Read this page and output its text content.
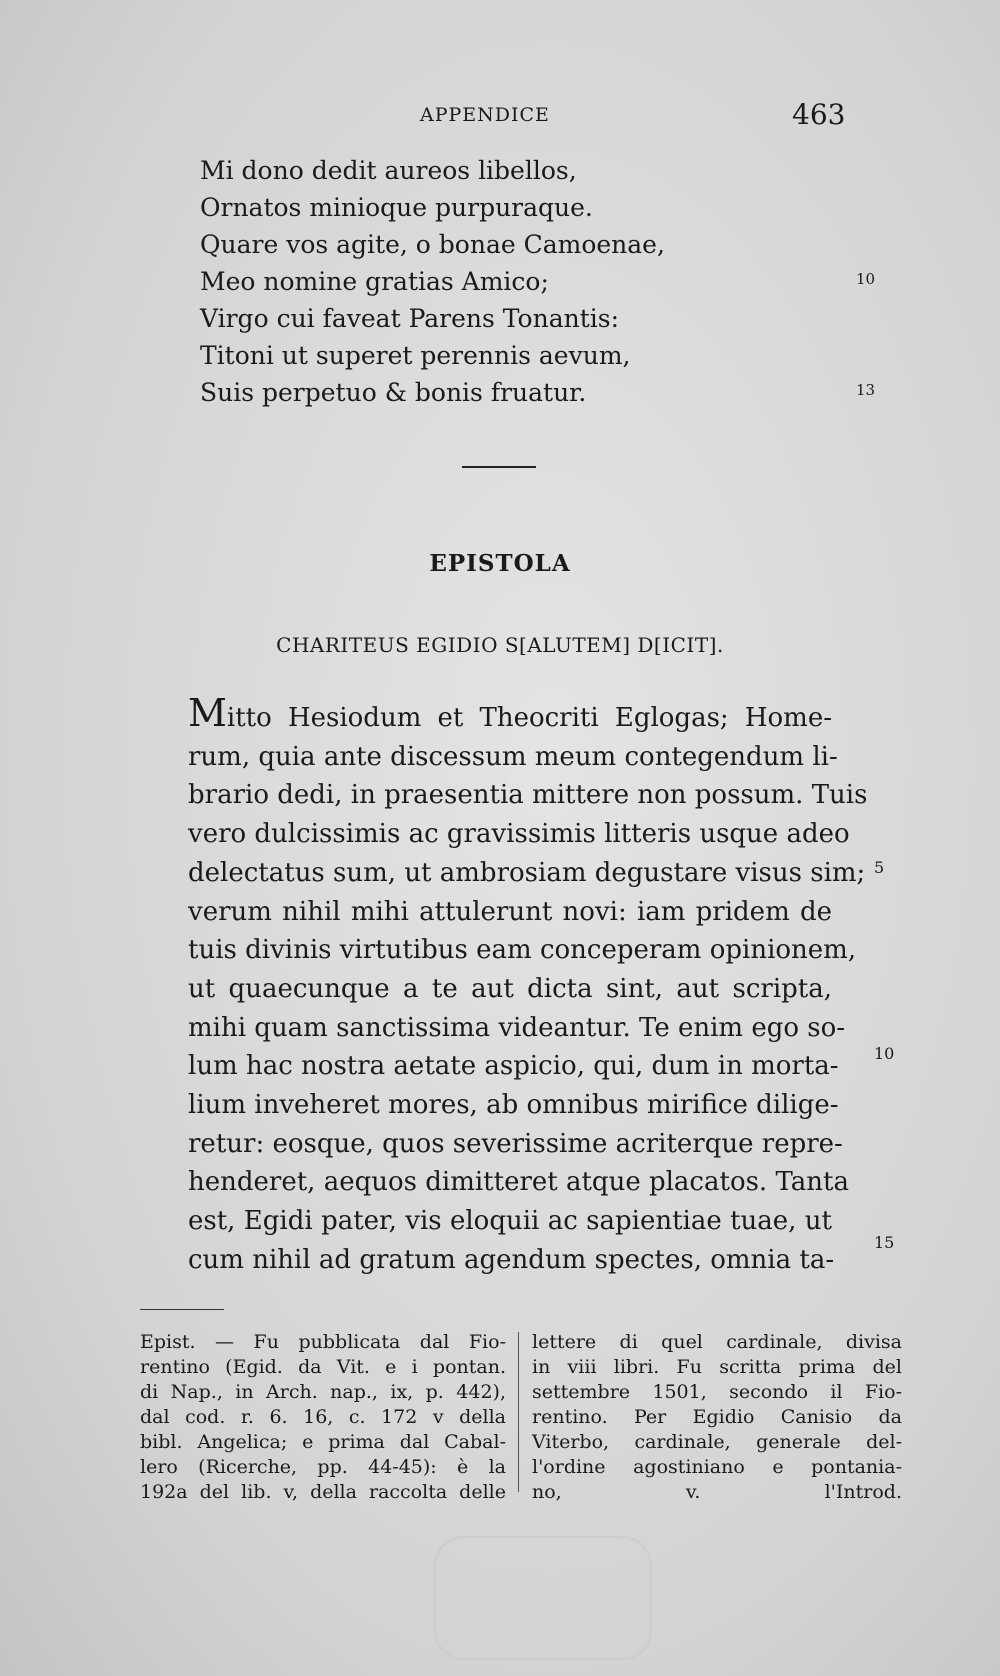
APPENDICE	463
Mi dono dedit aureos libellos,
Ornatos minioque purpuraque.
Quare vos agite, o bonae Camoenae,
Meo nomine gratias Amico;
Virgo cui faveat Parens Tonantis:
Titoni ut superet perennis aevum,
Suis perpetuo & bonis fruatur.
10
13
EPISTOLA
CHARITEUS EGIDIO S[ALUTEM] D[ICIT].
Mitto Hesiodum et Theocriti Eglogas; Home-
rum, quia ante discessum meum contegendum li-
brario dedi, in praesentia mittere non possum. Tuis
vero dulcissimis ac gravissimis litteris usque adeo
delectatus sum, ut ambrosiam degustare visus sim;
verum nihil mihi attulerunt novi: iam pridem de
tuis divinis virtutibus eam conceperam opinionem,
ut quaecunque a te aut dicta sint, aut scripta,
mihi quam sanctissima videantur. Te enim ego so-
lum hac nostra aetate aspicio, qui, dum in morta-
lium inveheret mores, ab omnibus mirifice dilige-
retur: eosque, quos severissime acriterque repre-
henderet, aequos dimitteret atque placatos. Tanta
est, Egidi pater, vis eloquii ac sapientiae tuae, ut
cum nihil ad gratum agendum spectes, omnia ta-
5
10
15
Epist. — Fu pubblicata dal Fio-
rentino (Egid. da Vit. e i pontan.
di Nap., in Arch. nap., ix, p. 442),
dal cod. r. 6. 16, c. 172 v della
bibl. Angelica; e prima dal Cabal-
lero (Ricerche, pp. 44-45): è la
192a del lib. v, della raccolta delle
lettere di quel cardinale, divisa
in viii libri. Fu scritta prima del
settembre 1501, secondo il Fio-
rentino. Per Egidio Canisio da
Viterbo, cardinale, generale del-
l'ordine agostiniano e pontania-
no, v. l'Introd.
